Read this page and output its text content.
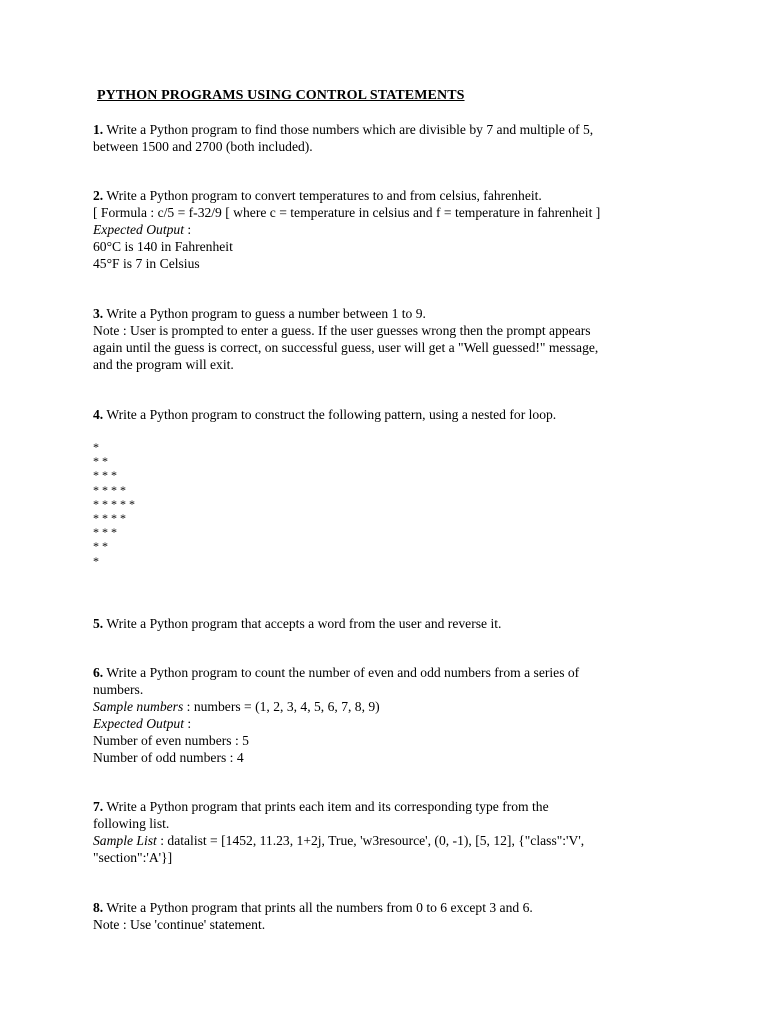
PYTHON PROGRAMS USING CONTROL STATEMENTS

1. Write a Python program to find those numbers which are divisible by 7 and multiple of 5,

between 1500 and 2700 (both included).

2. Write a Python program to convert temperatures to and from celsius, fahrenheit.

[ Formula : c/5 = f-32/9 [ where c = temperature in celsius and f = temperature in fahrenheit ]

Expected Output :

60°C is 140 in Fahrenheit

45°F is 7 in Celsius

3. Write a Python program to guess a number between 1 to 9.

Note : User is prompted to enter a guess. If the user guesses wrong then the prompt appears

again until the guess is correct, on successful guess, user will get a "Well guessed!" message,

and the program will exit.

4. Write a Python program to construct the following pattern, using a nested for loop.

*
* *
* * *
* * * *
* * * * *
* * * *
* * *
* *
*

5. Write a Python program that accepts a word from the user and reverse it.

6. Write a Python program to count the number of even and odd numbers from a series of

numbers.

Sample numbers : numbers = (1, 2, 3, 4, 5, 6, 7, 8, 9)

Expected Output :

Number of even numbers : 5

Number of odd numbers : 4

7. Write a Python program that prints each item and its corresponding type from the

following list.

Sample List : datalist = [1452, 11.23, 1+2j, True, 'w3resource', (0, -1), [5, 12], {"class":'V',

"section":'A'}]

8. Write a Python program that prints all the numbers from 0 to 6 except 3 and 6.

Note : Use 'continue' statement.
